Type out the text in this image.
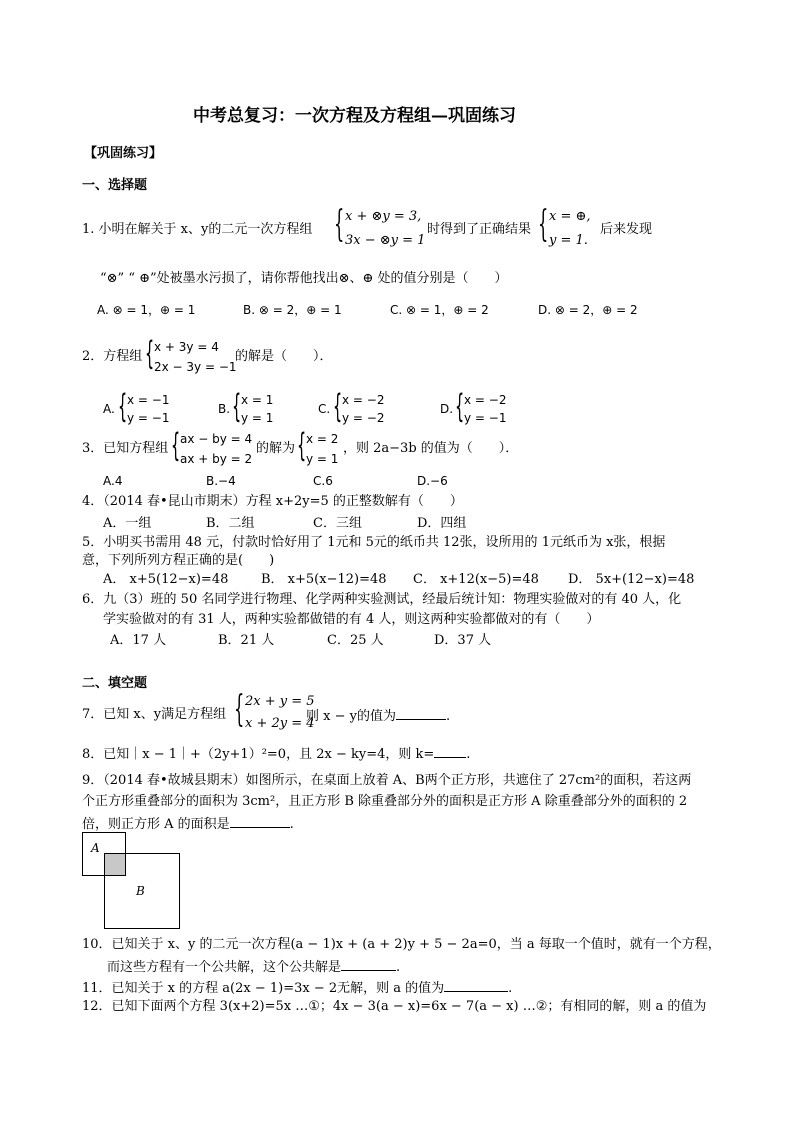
中考总复习：一次方程及方程组—巩固练习
【巩固练习】
一、选择题
1. 小明在解关于 x、y的二元一次方程组 { x + ⊗y = 3,
3x − ⊗y = 1
时得到了正确结果 { x = ⊕,
y = 1.
后来发现
“⊗” “ ⊕”处被墨水污损了，请你帮他找出⊗、⊕ 处的值分别是（　　）
A. ⊗ = 1，⊕ = 1	B. ⊗ = 2，⊕ = 1	C. ⊗ = 1，⊕ = 2	D. ⊗ = 2，⊕ = 2
2．方程组 { x + 3y = 4
2x − 3y = −1
的解是（　　）．
A. { x = −1
y = −1
B. { x = 1
y = 1
C. { x = −2
y = −2
D. { x = −2
y = −1
3．已知方程组 { ax − by = 4
ax + by = 2
的解为 { x = 2
y = 1
，则 2a−3b 的值为（　　）．
A.4	B.−4	C.6	D.−6
4．（2014 春•昆山市期末）方程 x+2y=5 的正整数解有（　　）
A．一组	B．二组	C．三组	D．四组
5．小明买书需用 48 元，付款时恰好用了 1元和 5元的纸币共 12张，设所用的 1元纸币为 x张，根据
意，下列所列方程正确的是(　　)
A． x+5(12−x)=48	B． x+5(x−12)=48 C． x+12(x−5)=48 D． 5x+(12−x)=48
6．九（3）班的 50 名同学进行物理、化学两种实验测试，经最后统计知：物理实验做对的有 40 人，化
学实验做对的有 31 人，两种实验都做错的有 4 人，则这两种实验都做对的有（　　）
A．17 人	B．21 人	C．25 人	D．37 人
二、填空题
7．已知 x、y满足方程组 { 2x + y = 5
x + 2y = 4
则 x − y的值为	.
8．已知｜x − 1｜+（2y+1）²=0，且 2x − ky=4，则 k= .
9．（2014 春•故城县期末）如图所示，在桌面上放着 A、B两个正方形，共遮住了 27cm²的面积，若这两
个正方形重叠部分的面积为 3cm²，且正方形 B 除重叠部分外的面积是正方形 A 除重叠部分外的面积的 2
倍，则正方形 A 的面积是	.
A
B
10．已知关于 x、y 的二元一次方程(a − 1)x + (a + 2)y + 5 − 2a=0，当 a 每取一个值时，就有一个方程，
而这些方程有一个公共解，这个公共解是	.
11．已知关于 x 的方程 a(2x − 1)=3x − 2无解，则 a 的值为	.
12．已知下面两个方程 3(x+2)=5x …①；4x − 3(a − x)=6x − 7(a − x) …②；有相同的解，则 a 的值为
